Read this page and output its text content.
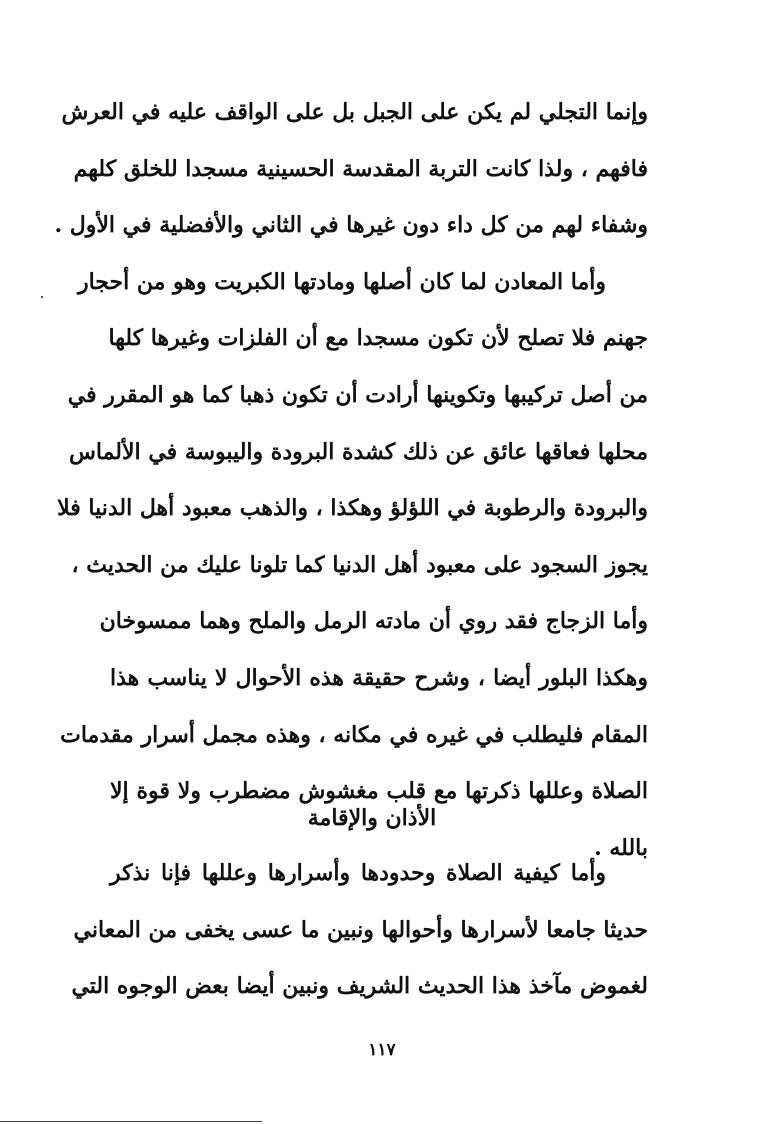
وإنما التجلي لم يكن على الجبل بل على الواقف عليه في العرش
فافهم ، ولذا كانت التربة المقدسة الحسينية مسجدا للخلق كلهم
وشفاء لهم من كل داء دون غيرها في الثاني والأفضلية في الأول .
وأما المعادن لما كان أصلها ومادتها الكبريت وهو من أحجار
جهنم فلا تصلح لأن تكون مسجدا مع أن الفلزات وغيرها كلها
من أصل تركيبها وتكوينها أرادت أن تكون ذهبا كما هو المقرر في
محلها فعاقها عائق عن ذلك كشدة البرودة واليبوسة في الألماس
والبرودة والرطوبة في اللؤلؤ وهكذا ، والذهب معبود أهل الدنيا فلا
يجوز السجود على معبود أهل الدنيا كما تلونا عليك من الحديث ،
وأما الزجاج فقد روي أن مادته الرمل والملح وهما ممسوخان
وهكذا البلور أيضا ، وشرح حقيقة هذه الأحوال لا يناسب هذا
المقام فليطلب في غيره في مكانه ، وهذه مجمل أسرار مقدمات
الصلاة وعللها ذكرتها مع قلب مغشوش مضطرب ولا قوة إلا
بالله .
الأذان والإقامة
وأما كيفية الصلاة وحدودها وأسرارها وعللها فإنا نذكر
حديثا جامعا لأسرارها وأحوالها ونبين ما عسى يخفى من المعاني
لغموض مآخذ هذا الحديث الشريف ونبين أيضا بعض الوجوه التي
١١٧
